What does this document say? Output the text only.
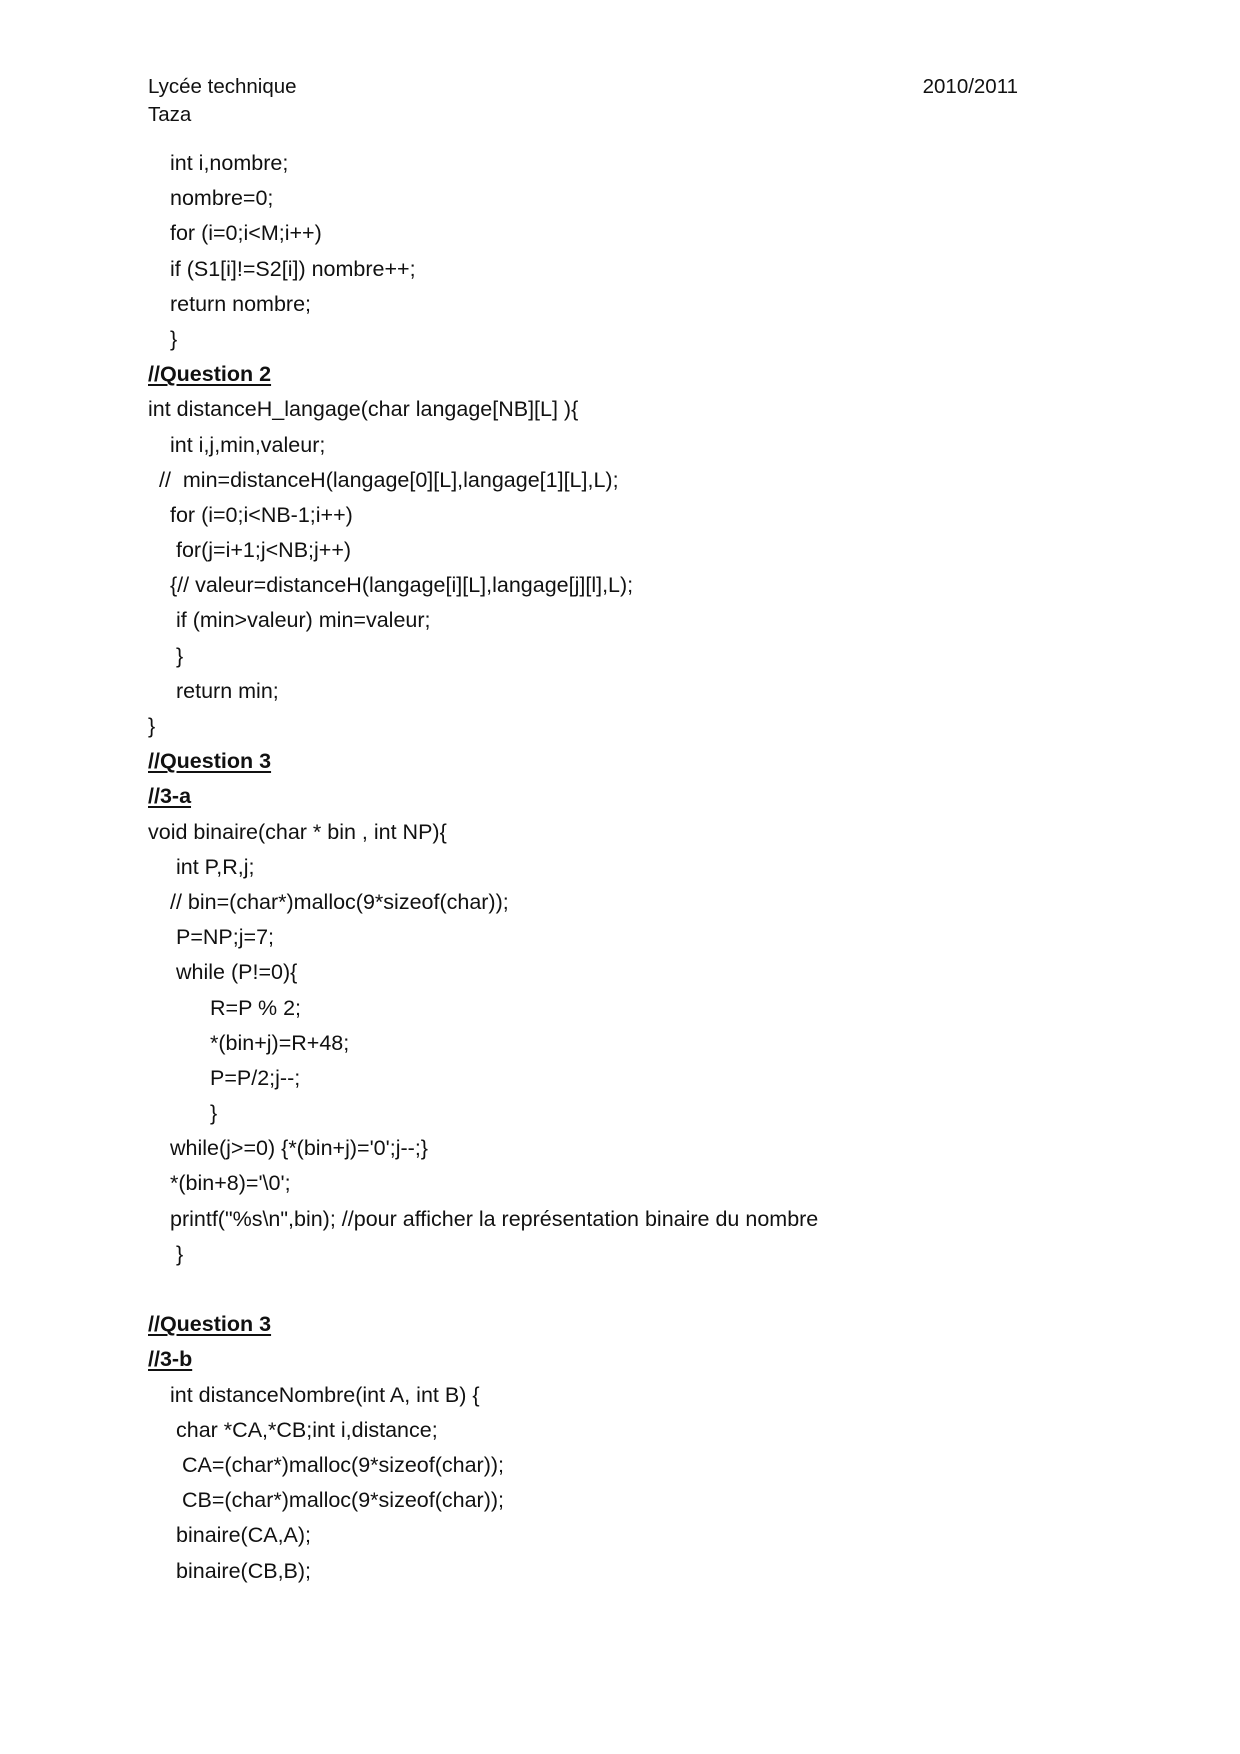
Lycée technique
Taza
2010/2011
int i,nombre;
nombre=0;
for (i=0;i<M;i++)
if (S1[i]!=S2[i]) nombre++;
return nombre;
}
//Question 2
int distanceH_langage(char langage[NB][L] ){
int i,j,min,valeur;
//  min=distanceH(langage[0][L],langage[1][L],L);
for (i=0;i<NB-1;i++)
for(j=i+1;j<NB;j++)
{// valeur=distanceH(langage[i][L],langage[j][l],L);
if (min>valeur) min=valeur;
}
return min;
}
//Question 3
//3-a
void binaire(char * bin , int NP){
int P,R,j;
// bin=(char*)malloc(9*sizeof(char));
P=NP;j=7;
while (P!=0){
R=P % 2;
*(bin+j)=R+48;
P=P/2;j--;
}
while(j>=0) {*(bin+j)='0';j--;}
*(bin+8)='\0';
printf("%s\n",bin); //pour afficher la représentation binaire du nombre
}
//Question 3
//3-b
int distanceNombre(int A, int B) {
char *CA,*CB;int i,distance;
CA=(char*)malloc(9*sizeof(char));
CB=(char*)malloc(9*sizeof(char));
binaire(CA,A);
binaire(CB,B);
